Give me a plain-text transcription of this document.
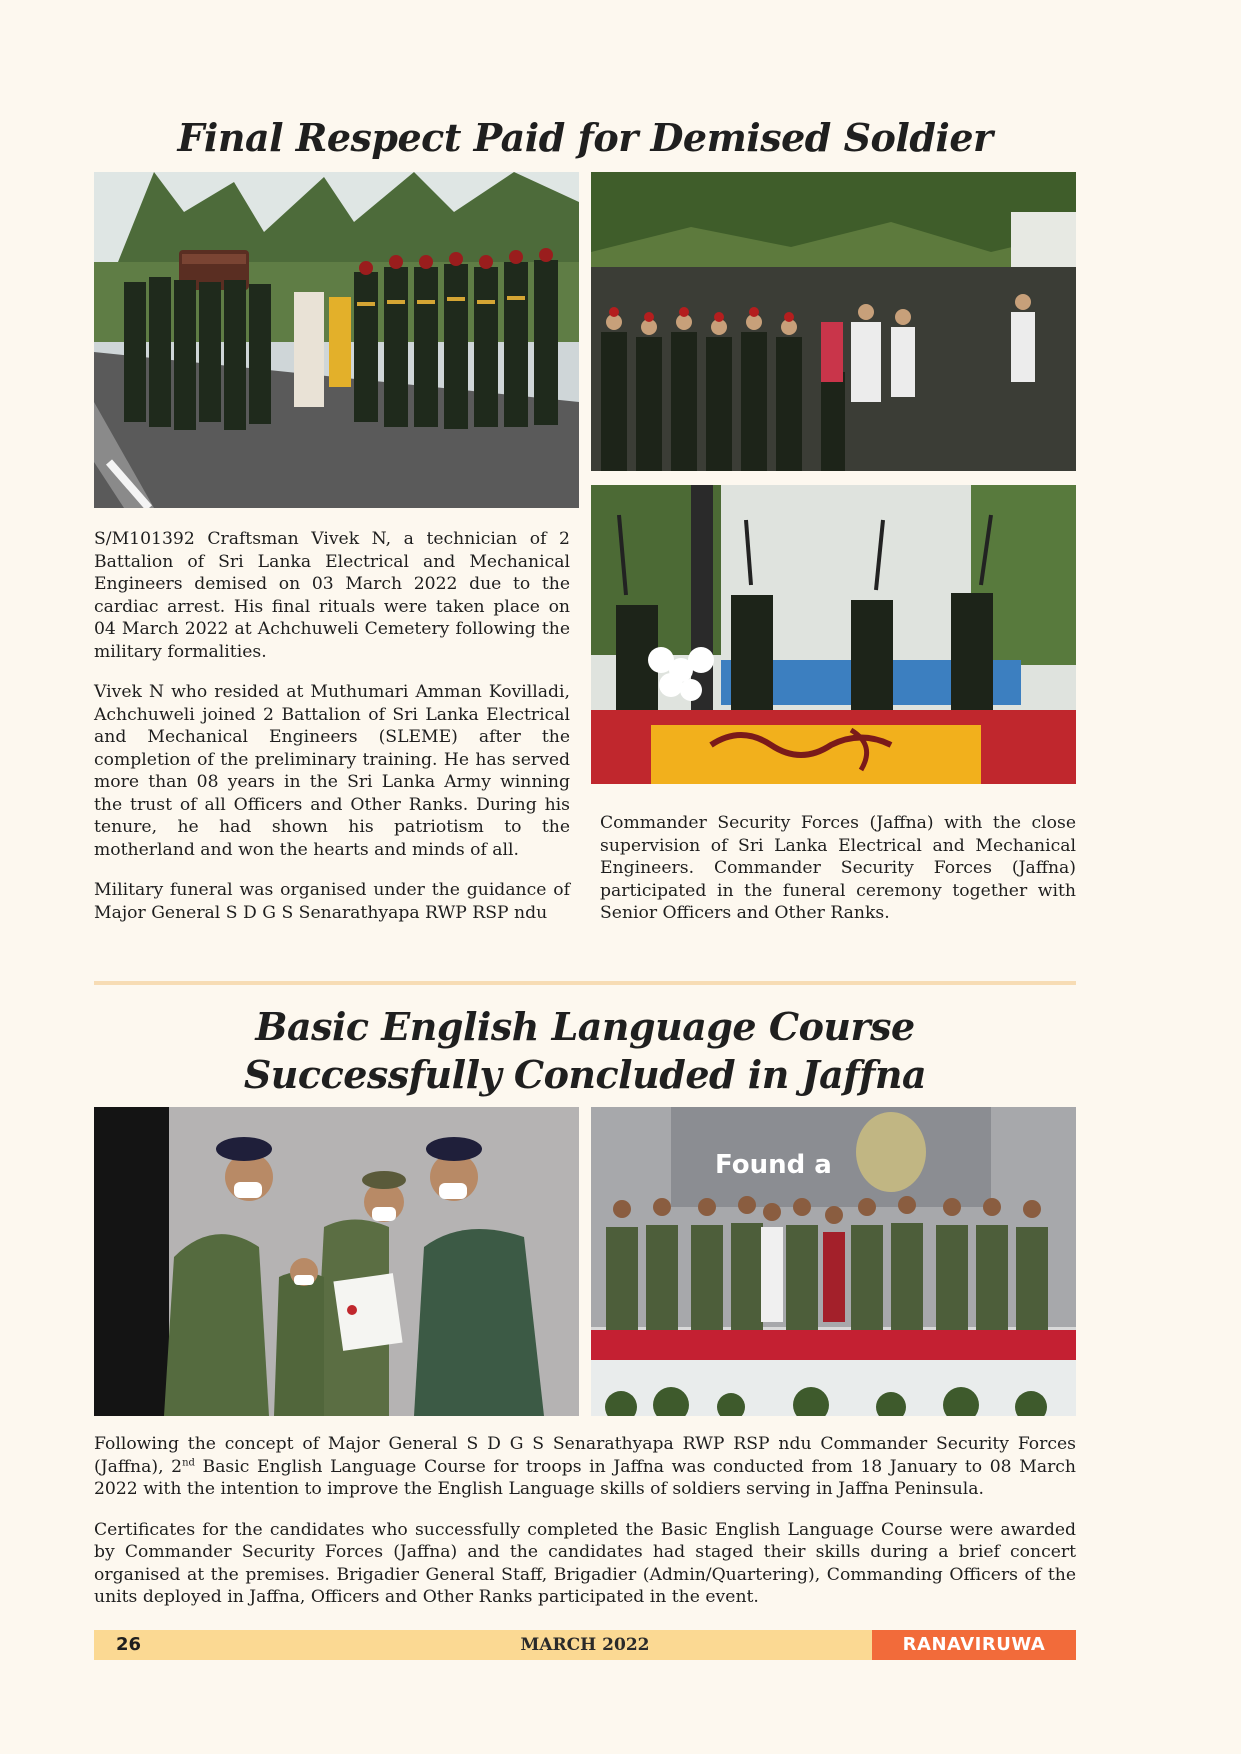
Final Respect Paid for Demised Soldier

S/M101392 Craftsman Vivek N, a technician of 2 Battalion of Sri Lanka Electrical and Mechanical Engineers demised on 03 March 2022 due to the cardiac arrest. His final rituals were taken place on 04 March 2022 at Achchuweli Cemetery following the military formalities.

Vivek N who resided at Muthumari Amman Kovilladi, Achchuweli joined 2 Battalion of Sri Lanka Electrical and Mechanical Engineers (SLEME) after the completion of the preliminary training. He has served more than 08 years in the Sri Lanka Army winning the trust of all Officers and Other Ranks. During his tenure, he had shown his patriotism to the motherland and won the hearts and minds of all.

Military funeral was organised under the guidance of Major General S D G S Senarathyapa RWP RSP ndu

Commander Security Forces (Jaffna) with the close supervision of Sri Lanka Electrical and Mechanical Engineers. Commander Security Forces (Jaffna) participated in the funeral ceremony together with Senior Officers and Other Ranks.

Basic English Language Course
Successfully Concluded in Jaffna
Found a

Following the concept of Major General S D G S Senarathyapa RWP RSP ndu Commander Security Forces (Jaffna), 2nd Basic English Language Course for troops in Jaffna was conducted from 18 January to 08 March 2022 with the intention to improve the English Language skills of soldiers serving in Jaffna Peninsula.

Certificates for the candidates who successfully completed the Basic English Language Course were awarded by Commander Security Forces (Jaffna) and the candidates had staged their skills during a brief concert organised at the premises. Brigadier General Staff, Brigadier (Admin/Quartering), Commanding Officers of the units deployed in Jaffna, Officers and Other Ranks participated in the event.

26	MARCH 2022	RANAVIRUWA
